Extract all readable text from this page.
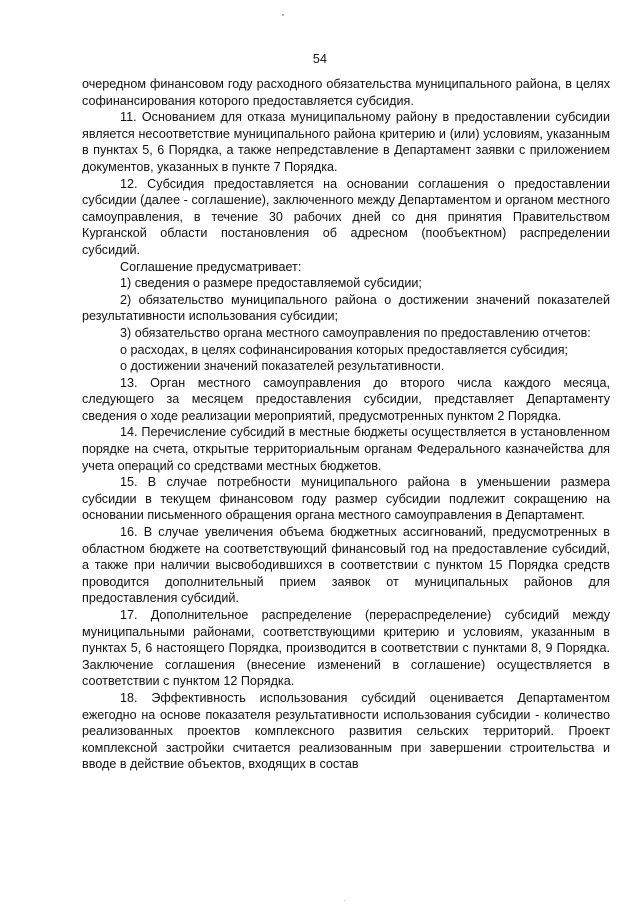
54

очередном финансовом году расходного обязательства муниципального района, в целях софинансирования которого предоставляется субсидия.

11. Основанием для отказа муниципальному району в предоставлении субсидии является несоответствие муниципального района критерию и (или) условиям, указанным в пунктах 5, 6 Порядка, а также непредставление в Департамент заявки с приложением документов, указанных в пункте 7 Порядка.

12. Субсидия предоставляется на основании соглашения о предоставлении субсидии (далее - соглашение), заключенного между Департаментом и органом местного самоуправления, в течение 30 рабочих дней со дня принятия Правительством Курганской области постановления об адресном (пообъектном) распределении субсидий.

Соглашение предусматривает:

1) сведения о размере предоставляемой субсидии;

2) обязательство муниципального района о достижении значений показателей результативности использования субсидии;

3) обязательство органа местного самоуправления по предоставлению отчетов:

о расходах, в целях софинансирования которых предоставляется субсидия;

о достижении значений показателей результативности.

13. Орган местного самоуправления до второго числа каждого месяца, следующего за месяцем предоставления субсидии, представляет Департаменту сведения о ходе реализации мероприятий, предусмотренных пунктом 2 Порядка.

14. Перечисление субсидий в местные бюджеты осуществляется в установленном порядке на счета, открытые территориальным органам Федерального казначейства для учета операций со средствами местных бюджетов.

15. В случае потребности муниципального района в уменьшении размера субсидии в текущем финансовом году размер субсидии подлежит сокращению на основании письменного обращения органа местного самоуправления в Департамент.

16. В случае увеличения объема бюджетных ассигнований, предусмотренных в областном бюджете на соответствующий финансовый год на предоставление субсидий, а также при наличии высвободившихся в соответствии с пунктом 15 Порядка средств проводится дополнительный прием заявок от муниципальных районов для предоставления субсидий.

17. Дополнительное распределение (перераспределение) субсидий между муниципальными районами, соответствующими критерию и условиям, указанным в пунктах 5, 6 настоящего Порядка, производится в соответствии с пунктами 8, 9 Порядка. Заключение соглашения (внесение изменений в соглашение) осуществляется в соответствии с пунктом 12 Порядка.

18. Эффективность использования субсидий оценивается Департаментом ежегодно на основе показателя результативности использования субсидии - количество реализованных проектов комплексного развития сельских территорий. Проект комплексной застройки считается реализованным при завершении строительства и вводе в действие объектов, входящих в состав
